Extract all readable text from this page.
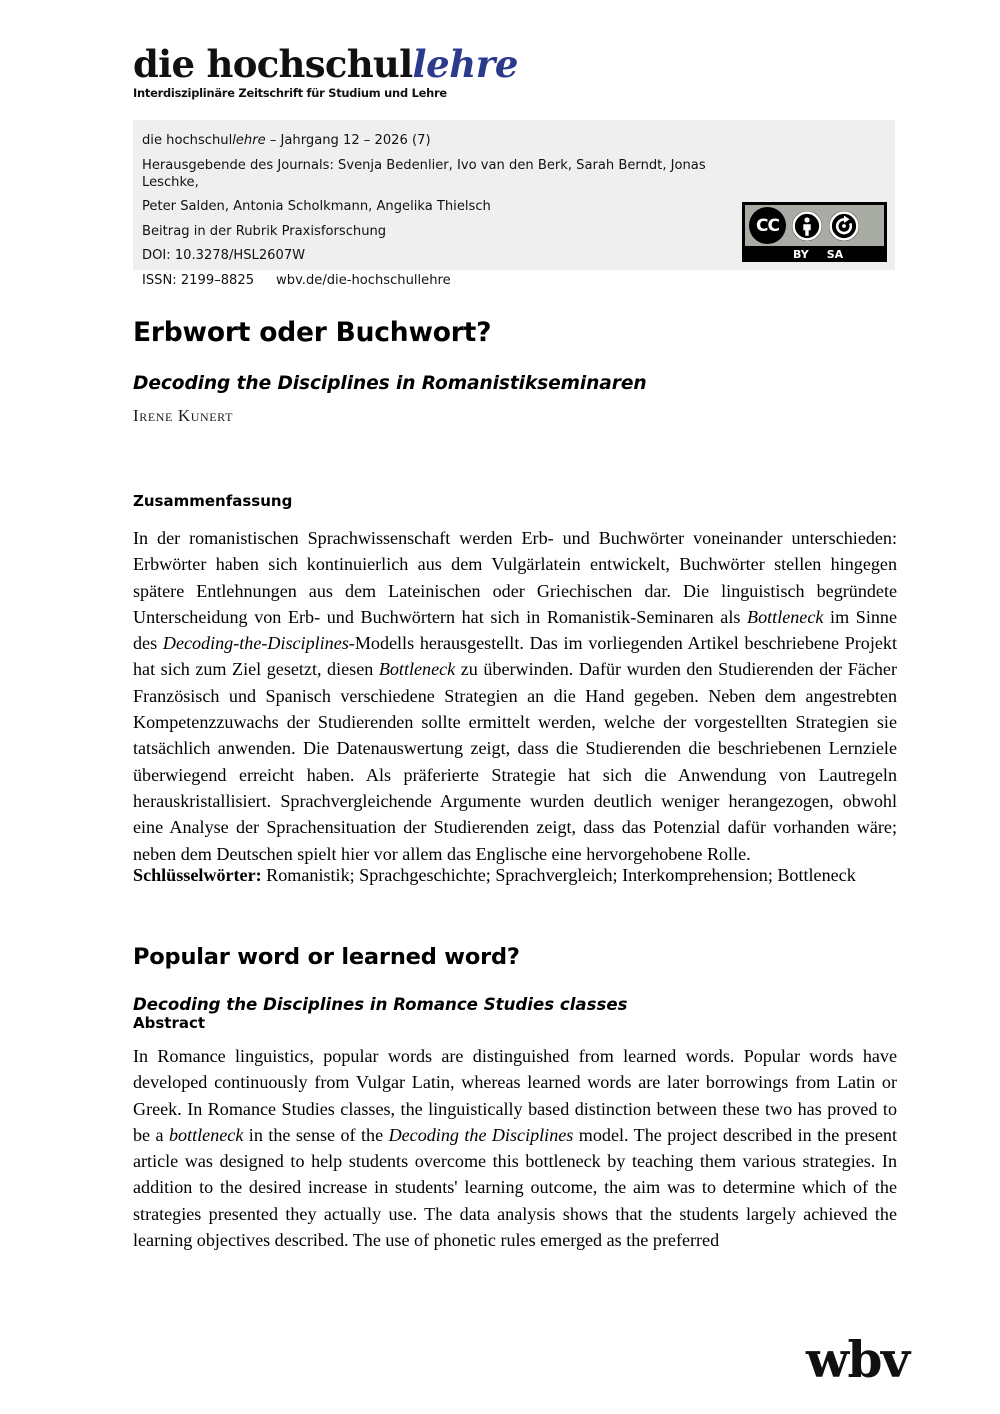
die hochschullehre
Interdisziplinäre Zeitschrift für Studium und Lehre
die hochschullehre – Jahrgang 12 – 2026 (7)
Herausgebende des Journals: Svenja Bedenlier, Ivo van den Berk, Sarah Berndt, Jonas Leschke,
Peter Salden, Antonia Scholkmann, Angelika Thielsch
Beitrag in der Rubrik Praxisforschung
DOI: 10.3278/HSL2607W
ISSN: 2199–8825 wbv.de/die-hochschullehre
CC
BY SA
Erbwort oder Buchwort?
Decoding the Disciplines in Romanistikseminaren
Irene Kunert
Zusammenfassung
In der romanistischen Sprachwissenschaft werden Erb- und Buchwörter voneinander unterschieden: Erbwörter haben sich kontinuierlich aus dem Vulgärlatein entwickelt, Buchwörter stellen hingegen spätere Entlehnungen aus dem Lateinischen oder Griechischen dar. Die linguistisch begründete Unterscheidung von Erb- und Buchwörtern hat sich in Romanistik-Seminaren als Bottleneck im Sinne des Decoding-the-Disciplines-Modells herausgestellt. Das im vorliegenden Artikel beschriebene Projekt hat sich zum Ziel gesetzt, diesen Bottleneck zu überwinden. Dafür wurden den Studierenden der Fächer Französisch und Spanisch verschiedene Strategien an die Hand gegeben. Neben dem angestrebten Kompetenzzuwachs der Studierenden sollte ermittelt werden, welche der vorgestellten Strategien sie tatsächlich anwenden. Die Datenauswertung zeigt, dass die Studierenden die beschriebenen Lernziele überwiegend erreicht haben. Als präferierte Strategie hat sich die Anwendung von Lautregeln herauskristallisiert. Sprachvergleichende Argumente wurden deutlich weniger herangezogen, obwohl eine Analyse der Sprachensituation der Studierenden zeigt, dass das Potenzial dafür vorhanden wäre; neben dem Deutschen spielt hier vor allem das Englische eine hervorgehobene Rolle.
Schlüsselwörter: Romanistik; Sprachgeschichte; Sprachvergleich; Interkomprehension; Bottleneck
Popular word or learned word?
Decoding the Disciplines in Romance Studies classes
Abstract
In Romance linguistics, popular words are distinguished from learned words. Popular words have developed continuously from Vulgar Latin, whereas learned words are later borrowings from Latin or Greek. In Romance Studies classes, the linguistically based distinction between these two has proved to be a bottleneck in the sense of the Decoding the Disciplines model. The project described in the present article was designed to help students overcome this bottleneck by teaching them various strategies. In addition to the desired increase in students' learning outcome, the aim was to determine which of the strategies presented they actually use. The data analysis shows that the students largely achieved the learning objectives described. The use of phonetic rules emerged as the preferred
wbv
